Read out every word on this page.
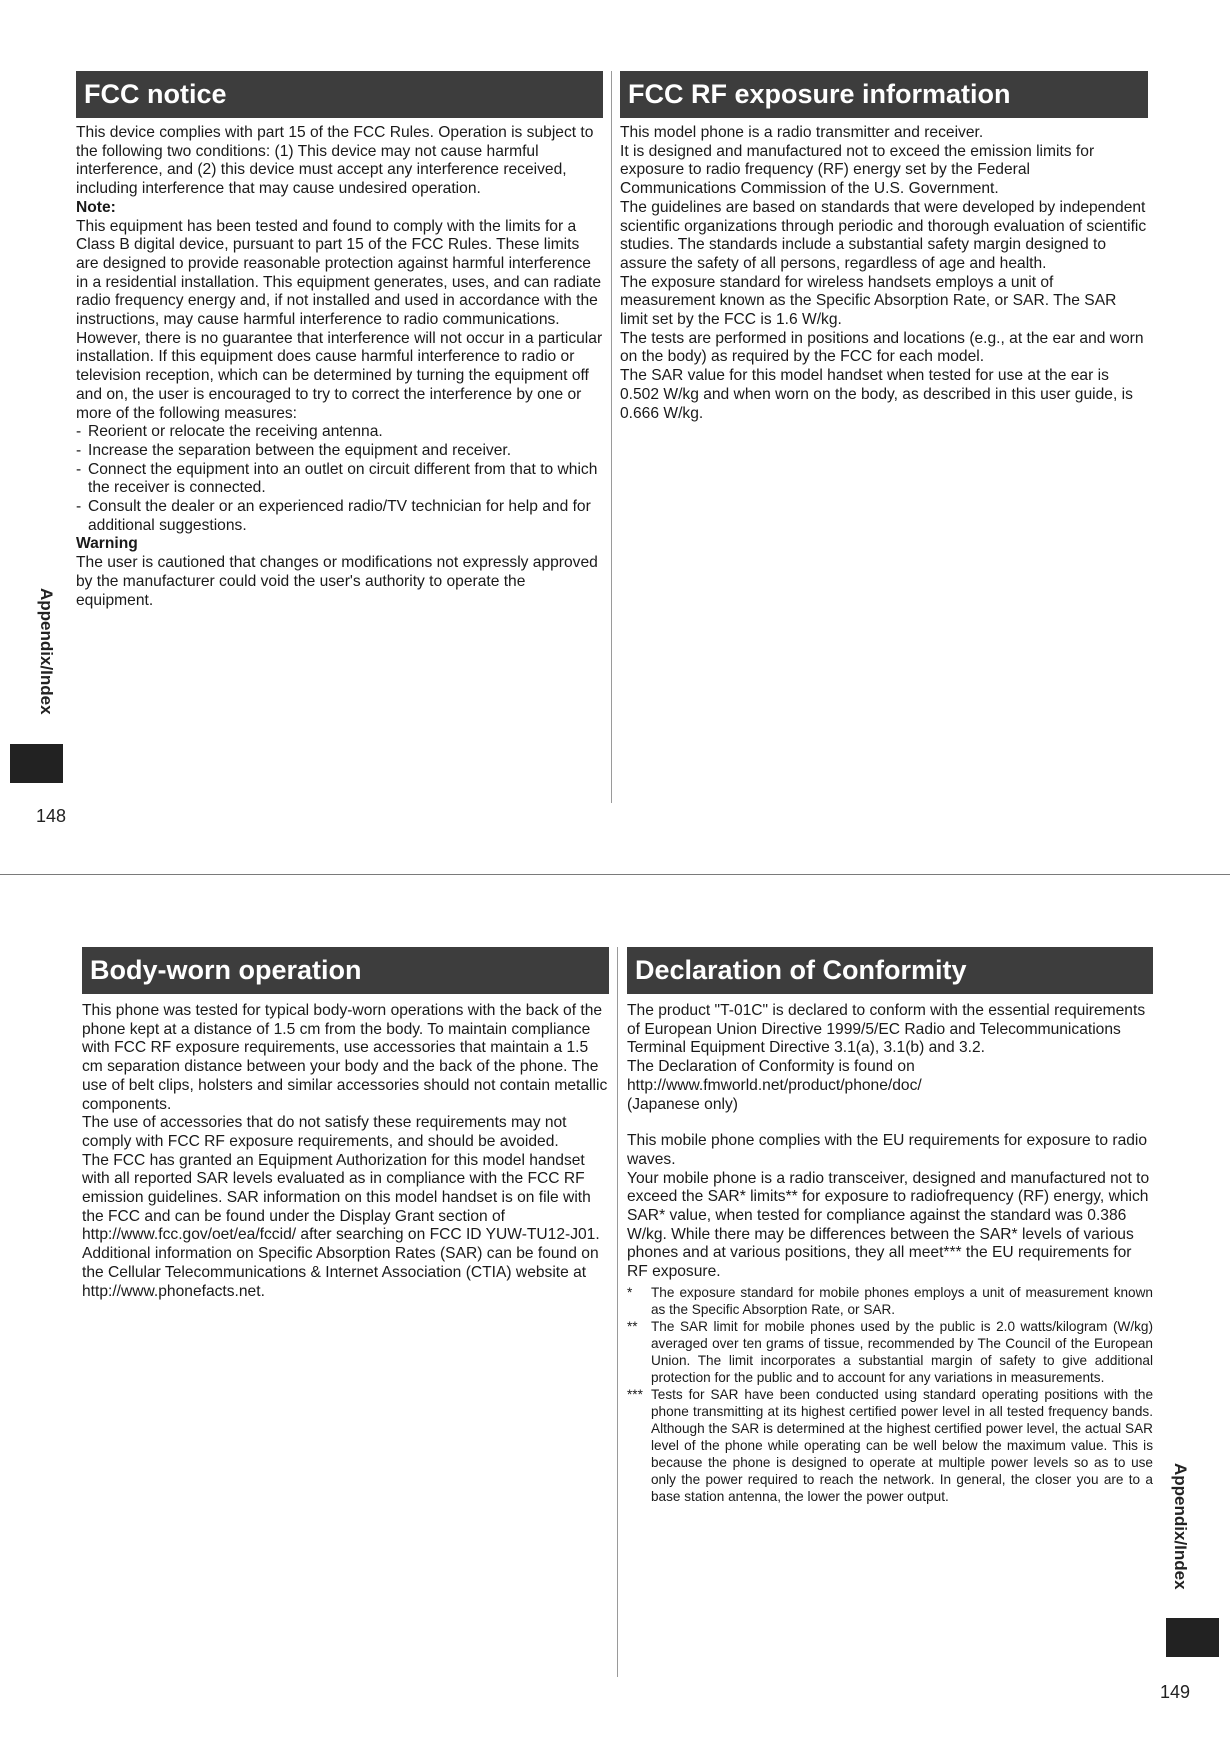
FCC notice

This device complies with part 15 of the FCC Rules. Operation is subject to the following two conditions: (1) This device may not cause harmful interference, and (2) this device must accept any interference received, including interference that may cause undesired operation.

Note:

This equipment has been tested and found to comply with the limits for a Class B digital device, pursuant to part 15 of the FCC Rules. These limits are designed to provide reasonable protection against harmful interference in a residential installation. This equipment generates, uses, and can radiate radio frequency energy and, if not installed and used in accordance with the instructions, may cause harmful interference to radio communications. However, there is no guarantee that interference will not occur in a particular installation. If this equipment does cause harmful interference to radio or television reception, which can be determined by turning the equipment off and on, the user is encouraged to try to correct the interference by one or more of the following measures:

- Reorient or relocate the receiving antenna.
- Increase the separation between the equipment and receiver.
- Connect the equipment into an outlet on circuit different from that to which the receiver is connected.
- Consult the dealer or an experienced radio/TV technician for help and for additional suggestions.

Warning

The user is cautioned that changes or modifications not expressly approved by the manufacturer could void the user's authority to operate the equipment.

FCC RF exposure information

This model phone is a radio transmitter and receiver.

It is designed and manufactured not to exceed the emission limits for exposure to radio frequency (RF) energy set by the Federal Communications Commission of the U.S. Government.

The guidelines are based on standards that were developed by independent scientific organizations through periodic and thorough evaluation of scientific studies. The standards include a substantial safety margin designed to assure the safety of all persons, regardless of age and health.

The exposure standard for wireless handsets employs a unit of measurement known as the Specific Absorption Rate, or SAR. The SAR limit set by the FCC is 1.6 W/kg.

The tests are performed in positions and locations (e.g., at the ear and worn on the body) as required by the FCC for each model.

The SAR value for this model handset when tested for use at the ear is 0.502 W/kg and when worn on the body, as described in this user guide, is 0.666 W/kg.

Appendix/Index
148
Body-worn operation

This phone was tested for typical body-worn operations with the back of the phone kept at a distance of 1.5 cm from the body. To maintain compliance with FCC RF exposure requirements, use accessories that maintain a 1.5 cm separation distance between your body and the back of the phone. The use of belt clips, holsters and similar accessories should not contain metallic components.

The use of accessories that do not satisfy these requirements may not comply with FCC RF exposure requirements, and should be avoided.

The FCC has granted an Equipment Authorization for this model handset with all reported SAR levels evaluated as in compliance with the FCC RF emission guidelines. SAR information on this model handset is on file with the FCC and can be found under the Display Grant section of http://www.fcc.gov/oet/ea/fccid/ after searching on FCC ID YUW-TU12-J01.

Additional information on Specific Absorption Rates (SAR) can be found on the Cellular Telecommunications & Internet Association (CTIA) website at

http://www.phonefacts.net.

Declaration of Conformity

The product "T-01C" is declared to conform with the essential requirements of European Union Directive 1999/5/EC Radio and Telecommunications Terminal Equipment Directive 3.1(a), 3.1(b) and 3.2.

The Declaration of Conformity is found on

http://www.fmworld.net/product/phone/doc/

(Japanese only)

This mobile phone complies with the EU requirements for exposure to radio waves.

Your mobile phone is a radio transceiver, designed and manufactured not to exceed the SAR* limits** for exposure to radiofrequency (RF) energy, which SAR* value, when tested for compliance against the standard was 0.386 W/kg. While there may be differences between the SAR* levels of various phones and at various positions, they all meet*** the EU requirements for RF exposure.

* The exposure standard for mobile phones employs a unit of measurement known as the Specific Absorption Rate, or SAR.
** The SAR limit for mobile phones used by the public is 2.0 watts/kilogram (W/kg) averaged over ten grams of tissue, recommended by The Council of the European Union. The limit incorporates a substantial margin of safety to give additional protection for the public and to account for any variations in measurements.
*** Tests for SAR have been conducted using standard operating positions with the phone transmitting at its highest certified power level in all tested frequency bands. Although the SAR is determined at the highest certified power level, the actual SAR level of the phone while operating can be well below the maximum value. This is because the phone is designed to operate at multiple power levels so as to use only the power required to reach the network. In general, the closer you are to a base station antenna, the lower the power output.	Appendix/Index
149
